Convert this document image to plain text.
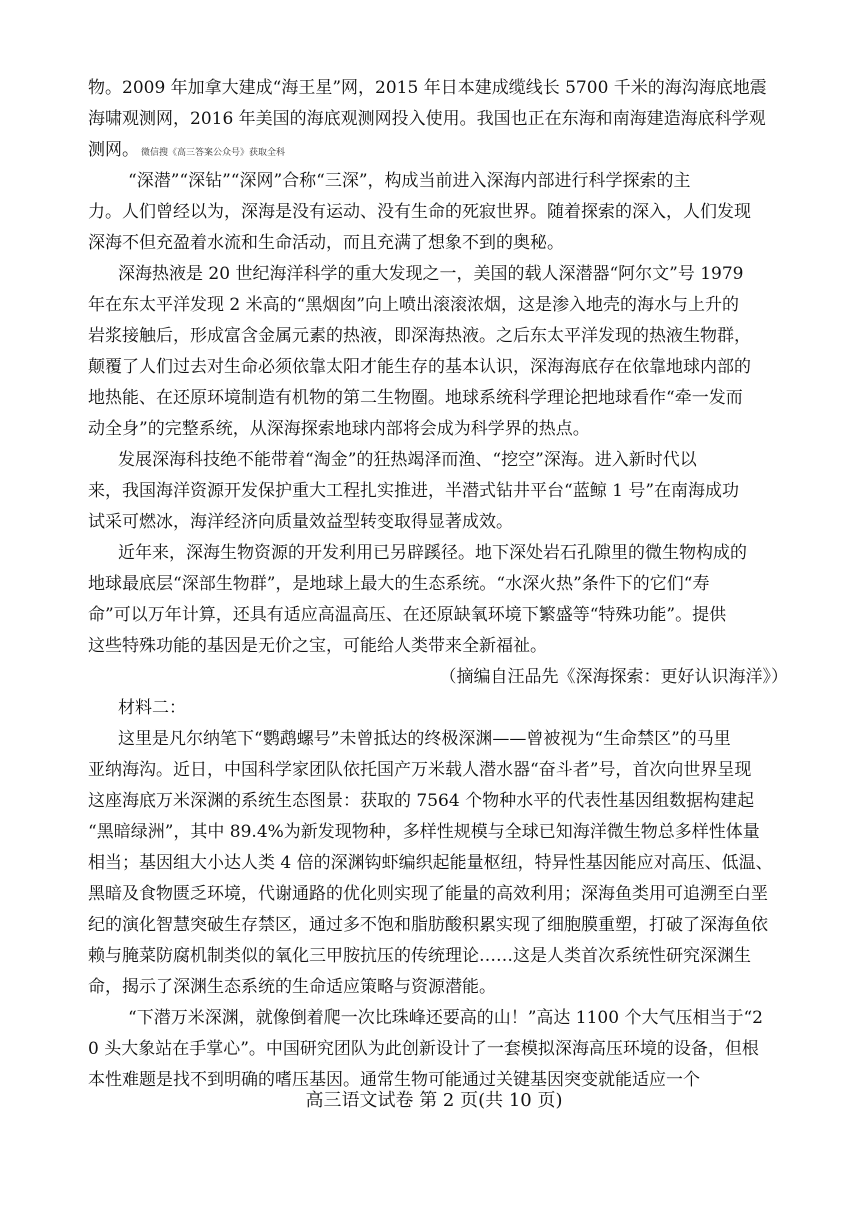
物。2009 年加拿大建成“海王星”网，2015 年日本建成缆线长 5700 千米的海沟海底地震
海啸观测网，2016 年美国的海底观测网投入使用。我国也正在东海和南海建造海底科学观
测网。 微信搜《高三答案公众号》获取全科
“深潜”“深钻”“深网”合称“三深”，构成当前进入深海内部进行科学探索的主
力。人们曾经以为，深海是没有运动、没有生命的死寂世界。随着探索的深入，人们发现
深海不但充盈着水流和生命活动，而且充满了想象不到的奥秘。
深海热液是 20 世纪海洋科学的重大发现之一，美国的载人深潜器“阿尔文”号 1979
年在东太平洋发现 2 米高的“黑烟囱”向上喷出滚滚浓烟，这是渗入地壳的海水与上升的
岩浆接触后，形成富含金属元素的热液，即深海热液。之后东太平洋发现的热液生物群，
颠覆了人们过去对生命必须依靠太阳才能生存的基本认识，深海海底存在依靠地球内部的
地热能、在还原环境制造有机物的第二生物圈。地球系统科学理论把地球看作“牵一发而
动全身”的完整系统，从深海探索地球内部将会成为科学界的热点。
发展深海科技绝不能带着“淘金”的狂热竭泽而渔、“挖空”深海。进入新时代以
来，我国海洋资源开发保护重大工程扎实推进，半潜式钻井平台“蓝鲸 1 号”在南海成功
试采可燃冰，海洋经济向质量效益型转变取得显著成效。
近年来，深海生物资源的开发利用已另辟蹊径。地下深处岩石孔隙里的微生物构成的
地球最底层“深部生物群”，是地球上最大的生态系统。“水深火热”条件下的它们“寿
命”可以万年计算，还具有适应高温高压、在还原缺氧环境下繁盛等“特殊功能”。提供
这些特殊功能的基因是无价之宝，可能给人类带来全新福祉。
（摘编自汪品先《深海探索：更好认识海洋》）
材料二：
这里是凡尔纳笔下“鹦鹉螺号”未曾抵达的终极深渊——曾被视为“生命禁区”的马里
亚纳海沟。近日，中国科学家团队依托国产万米载人潜水器“奋斗者”号，首次向世界呈现
这座海底万米深渊的系统生态图景：获取的 7564 个物种水平的代表性基因组数据构建起
“黑暗绿洲”，其中 89.4%为新发现物种，多样性规模与全球已知海洋微生物总多样性体量
相当；基因组大小达人类 4 倍的深渊钩虾编织起能量枢纽，特异性基因能应对高压、低温、
黑暗及食物匮乏环境，代谢通路的优化则实现了能量的高效利用；深海鱼类用可追溯至白垩
纪的演化智慧突破生存禁区，通过多不饱和脂肪酸积累实现了细胞膜重塑，打破了深海鱼依
赖与腌菜防腐机制类似的氧化三甲胺抗压的传统理论……这是人类首次系统性研究深渊生
命，揭示了深渊生态系统的生命适应策略与资源潜能。
“下潜万米深渊，就像倒着爬一次比珠峰还要高的山！”高达 1100 个大气压相当于“2
0 头大象站在手掌心”。中国研究团队为此创新设计了一套模拟深海高压环境的设备，但根
本性难题是找不到明确的嗜压基因。通常生物可能通过关键基因突变就能适应一个
高三语文试卷 第 2 页(共 10 页)
